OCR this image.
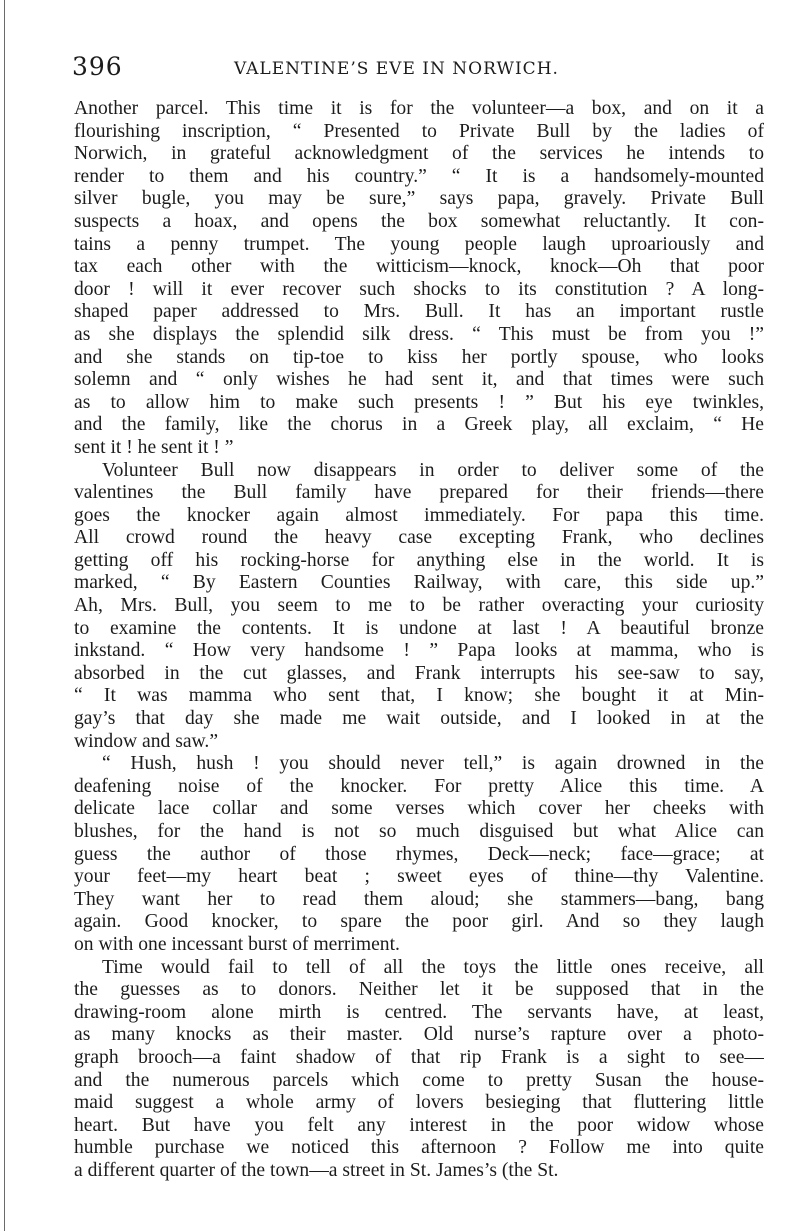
396	VALENTINE’S EVE IN NORWICH.
Another parcel. This time it is for the volunteer—a box, and on it a
flourishing inscription, “ Presented to Private Bull by the ladies of
Norwich, in grateful acknowledgment of the services he intends to
render to them and his country.” “ It is a handsomely-mounted
silver bugle, you may be sure,” says papa, gravely. Private Bull
suspects a hoax, and opens the box somewhat reluctantly. It con-
tains a penny trumpet. The young people laugh uproariously and
tax each other with the witticism—knock, knock—Oh that poor
door ! will it ever recover such shocks to its constitution ? A long-
shaped paper addressed to Mrs. Bull. It has an important rustle
as she displays the splendid silk dress. “ This must be from you !”
and she stands on tip-toe to kiss her portly spouse, who looks
solemn and “ only wishes he had sent it, and that times were such
as to allow him to make such presents ! ” But his eye twinkles,
and the family, like the chorus in a Greek play, all exclaim, “ He
sent it ! he sent it ! ”
Volunteer Bull now disappears in order to deliver some of the
valentines the Bull family have prepared for their friends—there
goes the knocker again almost immediately. For papa this time.
All crowd round the heavy case excepting Frank, who declines
getting off his rocking-horse for anything else in the world. It is
marked, “ By Eastern Counties Railway, with care, this side up.”
Ah, Mrs. Bull, you seem to me to be rather overacting your curiosity
to examine the contents. It is undone at last ! A beautiful bronze
inkstand. “ How very handsome ! ” Papa looks at mamma, who is
absorbed in the cut glasses, and Frank interrupts his see-saw to say,
“ It was mamma who sent that, I know; she bought it at Min-
gay’s that day she made me wait outside, and I looked in at the
window and saw.”
“ Hush, hush ! you should never tell,” is again drowned in the
deafening noise of the knocker. For pretty Alice this time. A
delicate lace collar and some verses which cover her cheeks with
blushes, for the hand is not so much disguised but what Alice can
guess the author of those rhymes, Deck—neck; face—grace; at
your feet—my heart beat ; sweet eyes of thine—thy Valentine.
They want her to read them aloud; she stammers—bang, bang
again. Good knocker, to spare the poor girl. And so they laugh
on with one incessant burst of merriment.
Time would fail to tell of all the toys the little ones receive, all
the guesses as to donors. Neither let it be supposed that in the
drawing-room alone mirth is centred. The servants have, at least,
as many knocks as their master. Old nurse’s rapture over a photo-
graph brooch—a faint shadow of that rip Frank is a sight to see—
and the numerous parcels which come to pretty Susan the house-
maid suggest a whole army of lovers besieging that fluttering little
heart. But have you felt any interest in the poor widow whose
humble purchase we noticed this afternoon ? Follow me into quite
a different quarter of the town—a street in St. James’s (the St.
